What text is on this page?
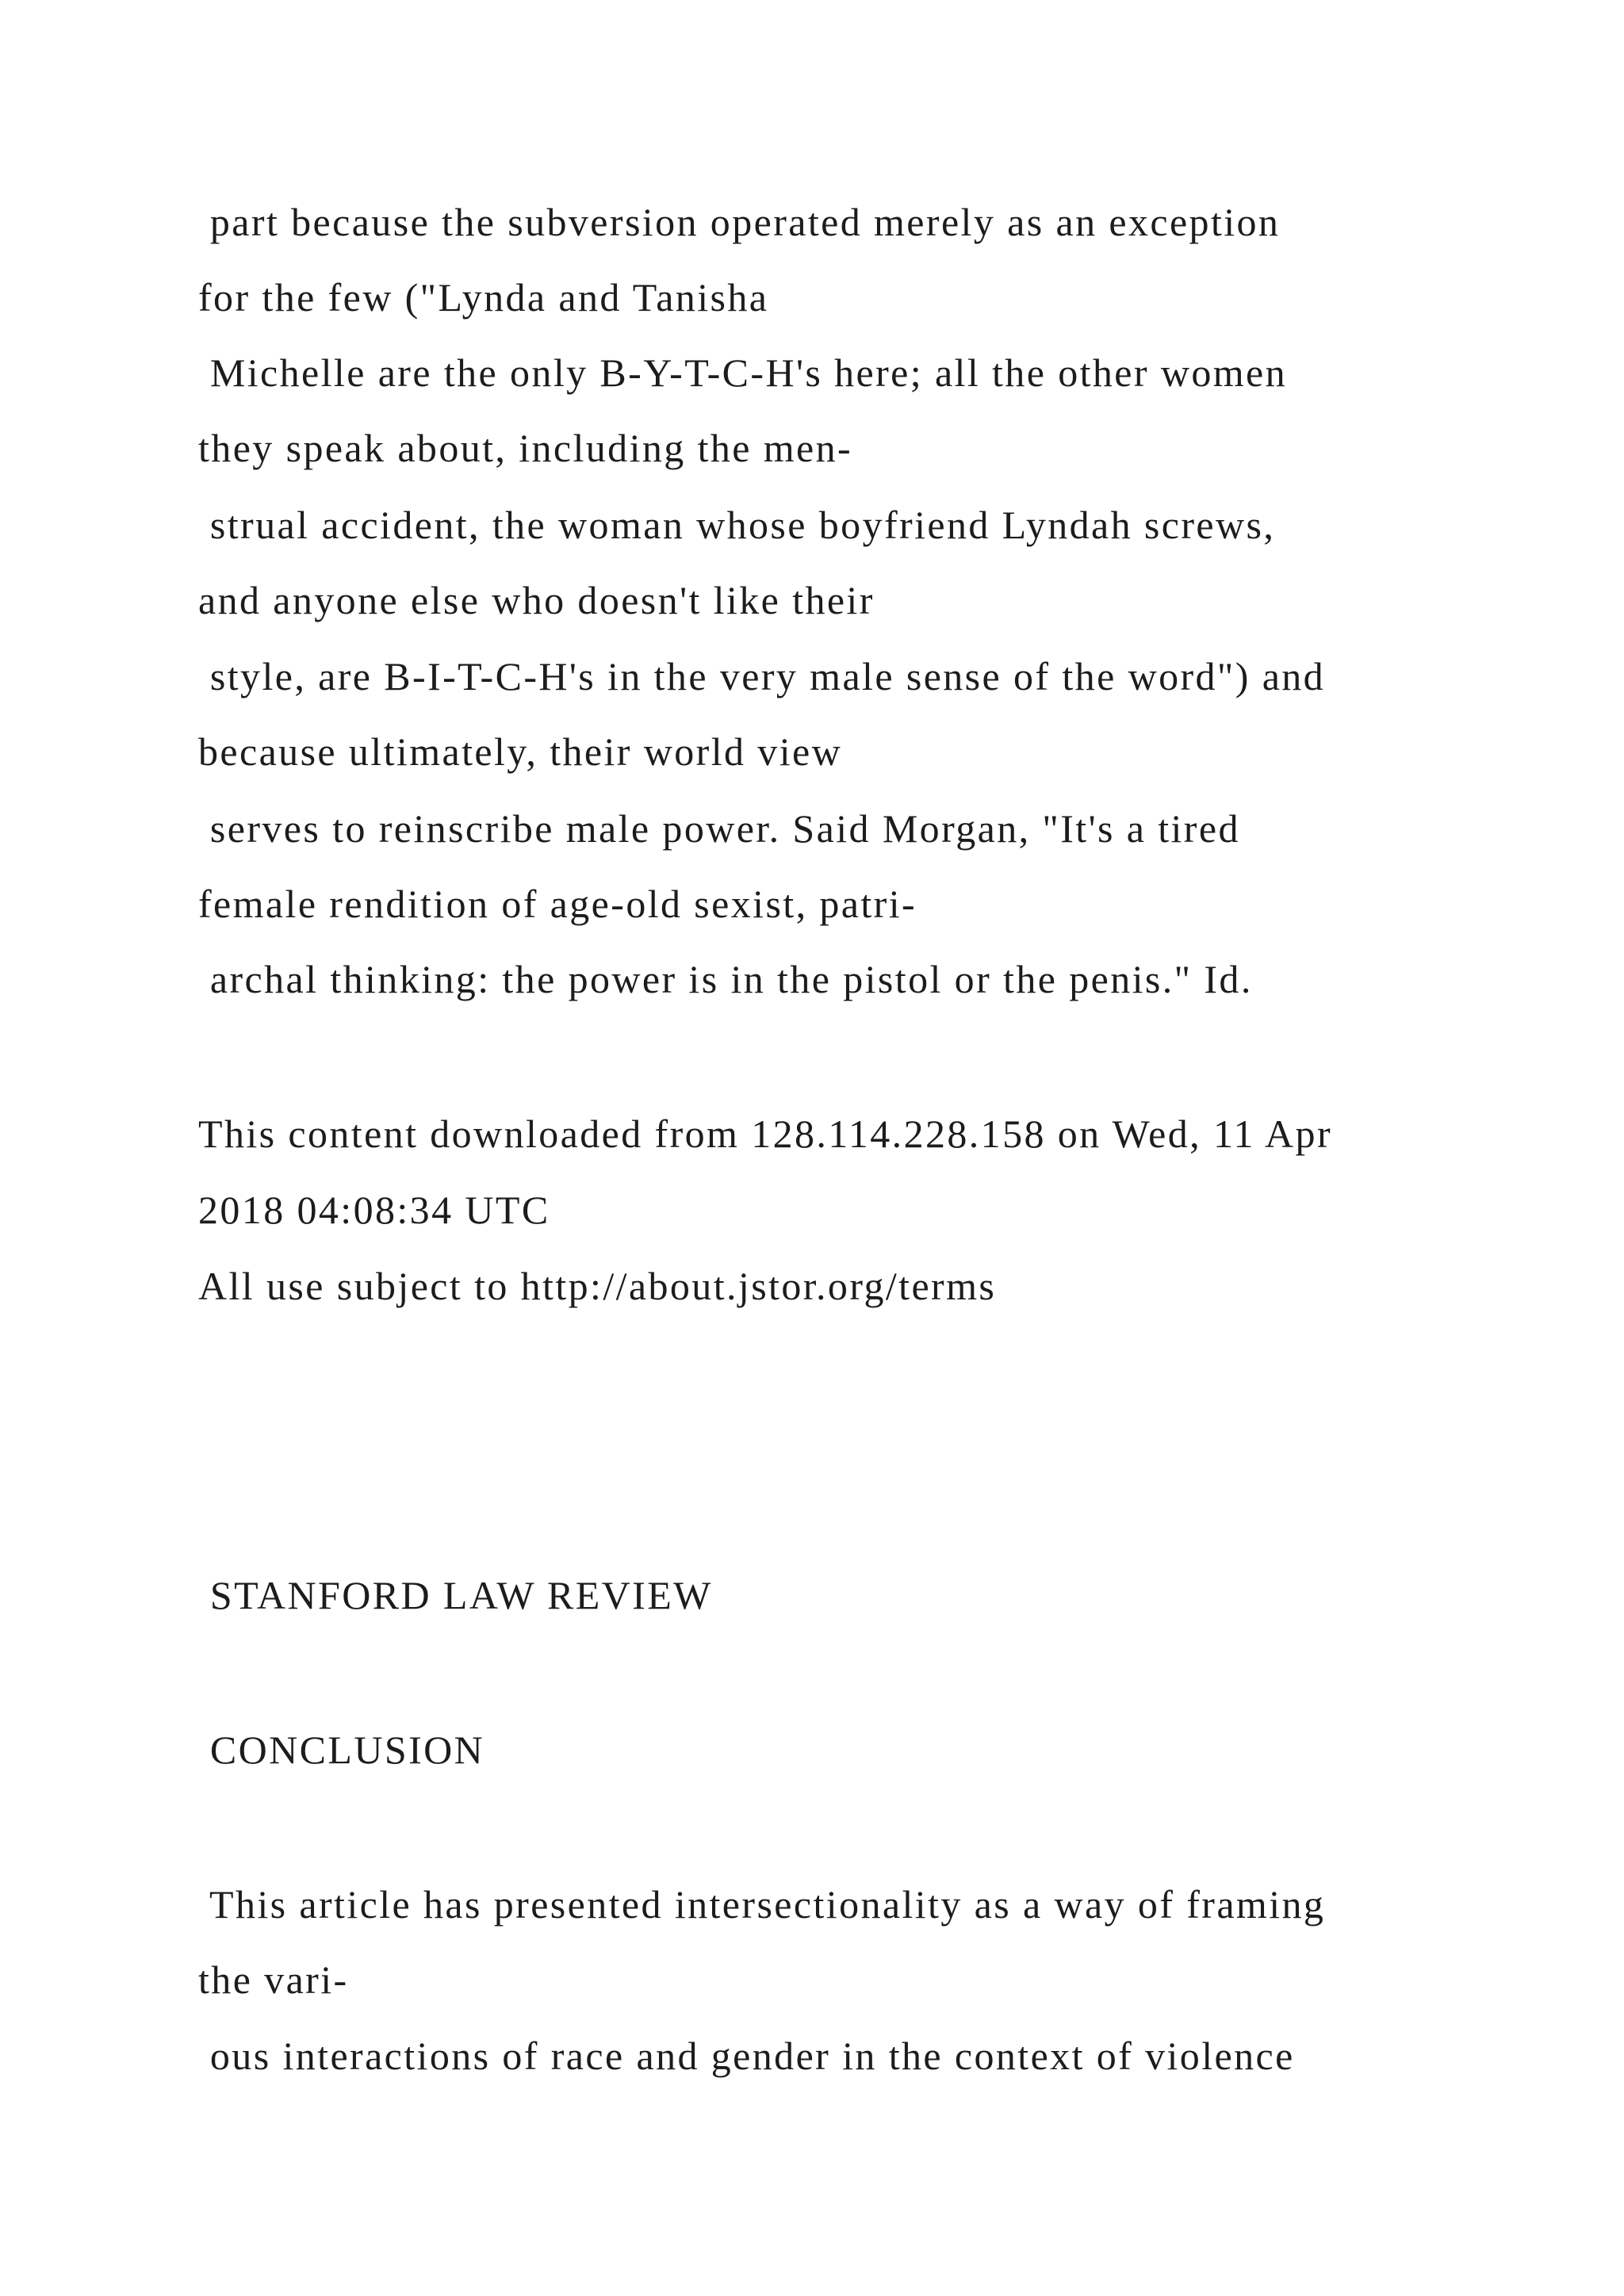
part because the subversion operated merely as an exception

for the few ("Lynda and Tanisha

Michelle are the only B-Y-T-C-H's here; all the other women

they speak about, including the men-

strual accident, the woman whose boyfriend Lyndah screws,

and anyone else who doesn't like their

style, are B-I-T-C-H's in the very male sense of the word") and

because ultimately, their world view

serves to reinscribe male power. Said Morgan, "It's a tired

female rendition of age-old sexist, patri-

archal thinking: the power is in the pistol or the penis." Id.

This content downloaded from 128.114.228.158 on Wed, 11 Apr

2018 04:08:34 UTC

All use subject to http://about.jstor.org/terms

STANFORD LAW REVIEW

CONCLUSION

This article has presented intersectionality as a way of framing

the vari-

ous interactions of race and gender in the context of violence
